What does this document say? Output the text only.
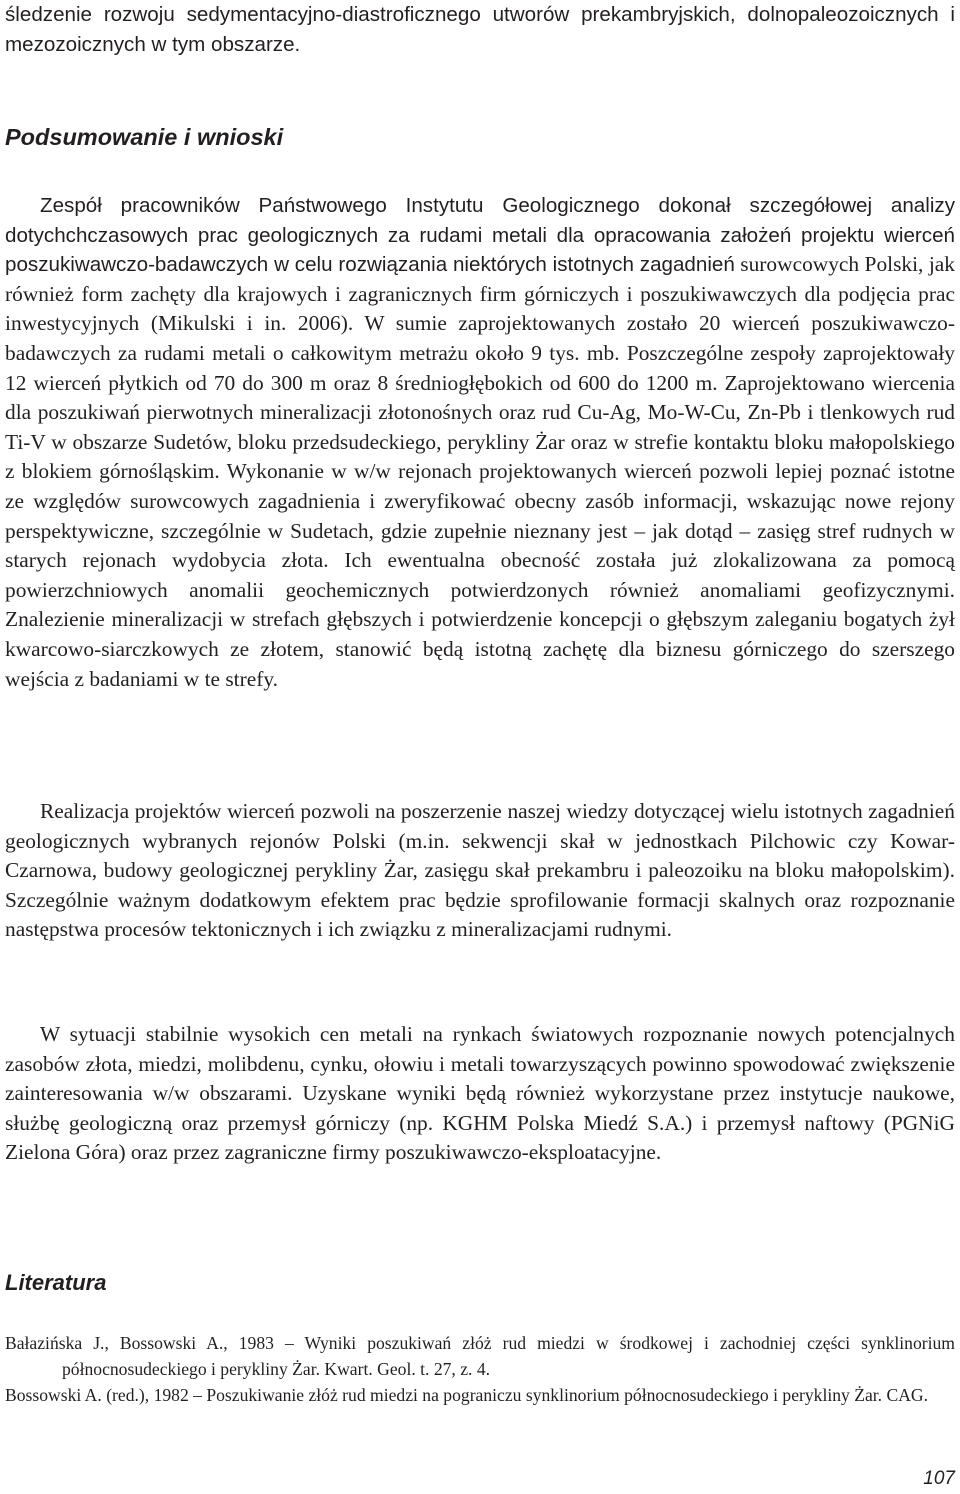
śledzenie rozwoju sedymentacyjno-diastroficznego utworów prekambryjskich, dolnopaleozoicznych i mezozoicznych w tym obszarze.

Podsumowanie i wnioski

Zespół pracowników Państwowego Instytutu Geologicznego dokonał szczegółowej analizy dotychchczasowych prac geologicznych za rudami metali dla opracowania założeń projektu wierceń poszukiwawczo-badawczych w celu rozwiązania niektórych istotnych zagadnień surowcowych Polski, jak również form zachęty dla krajowych i zagranicznych firm górniczych i poszukiwawczych dla podjęcia prac inwestycyjnych (Mikulski i in. 2006). W sumie zaprojektowanych zostało 20 wierceń poszukiwawczo-badawczych za rudami metali o całkowitym metrażu około 9 tys. mb. Poszczególne zespoły zaprojektowały 12 wierceń płytkich od 70 do 300 m oraz 8 średniogłębokich od 600 do 1200 m. Zaprojektowano wiercenia dla poszukiwań pierwotnych mineralizacji złotonośnych oraz rud Cu-Ag, Mo-W-Cu, Zn-Pb i tlenkowych rud Ti-V w obszarze Sudetów, bloku przedsudeckiego, perykliny Żar oraz w strefie kontaktu bloku małopolskiego z blokiem górnośląskim. Wykonanie w w/w rejonach projektowanych wierceń pozwoli lepiej poznać istotne ze względów surowcowych zagadnienia i zweryfikować obecny zasób informacji, wskazując nowe rejony perspektywiczne, szczególnie w Sudetach, gdzie zupełnie nieznany jest – jak dotąd – zasięg stref rudnych w starych rejonach wydobycia złota. Ich ewentualna obecność została już zlokalizowana za pomocą powierzchniowych anomalii geochemicznych potwierdzonych również anomaliami geofizycznymi. Znalezienie mineralizacji w strefach głębszych i potwierdzenie koncepcji o głębszym zaleganiu bogatych żył kwarcowo-siarczkowych ze złotem, stanowić będą istotną zachętę dla biznesu górniczego do szerszego wejścia z badaniami w te strefy.

Realizacja projektów wierceń pozwoli na poszerzenie naszej wiedzy dotyczącej wielu istotnych zagadnień geologicznych wybranych rejonów Polski (m.in. sekwencji skał w jednostkach Pilchowic czy Kowar-Czarnowa, budowy geologicznej perykliny Żar, zasięgu skał prekambru i paleozoiku na bloku małopolskim). Szczególnie ważnym dodatkowym efektem prac będzie sprofilowanie formacji skalnych oraz rozpoznanie następstwa procesów tektonicznych i ich związku z mineralizacjami rudnymi.

W sytuacji stabilnie wysokich cen metali na rynkach światowych rozpoznanie nowych potencjalnych zasobów złota, miedzi, molibdenu, cynku, ołowiu i metali towarzyszących powinno spowodować zwiększenie zainteresowania w/w obszarami. Uzyskane wyniki będą również wykorzystane przez instytucje naukowe, służbę geologiczną oraz przemysł górniczy (np. KGHM Polska Miedź S.A.) i przemysł naftowy (PGNiG Zielona Góra) oraz przez zagraniczne firmy poszukiwawczo-eksploatacyjne.

Literatura

Bałazińska J., Bossowski A., 1983 – Wyniki poszukiwań złóż rud miedzi w środkowej i zachodniej części synklinorium północnosudeckiego i perykliny Żar. Kwart. Geol. t. 27, z. 4.

Bossowski A. (red.), 1982 – Poszukiwanie złóż rud miedzi na pograniczu synklinorium północnosudeckiego i perykliny Żar. CAG.

107
